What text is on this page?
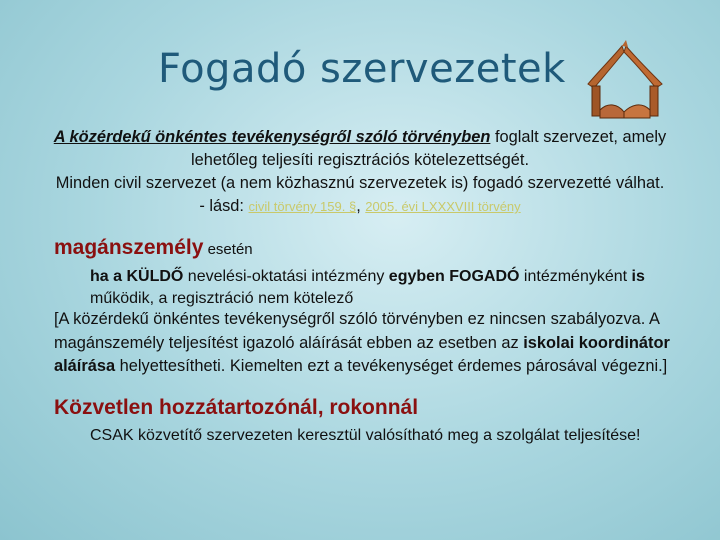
Fogadó szervezetek
A közérdekű önkéntes tevékenységről szóló törvényben foglalt szervezet, amely lehetőleg teljesíti regisztrációs kötelezettségét.
Minden civil szervezet (a nem közhasznú szervezetek is) fogadó szervezetté válhat.
- lásd: civil törvény 159. §, 2005. évi LXXXVIII törvény
magánszemély esetén
ha a KÜLDŐ nevelési-oktatási intézmény egyben FOGADÓ intézményként is működik, a regisztráció nem kötelező
[A közérdekű önkéntes tevékenységről szóló törvényben ez nincsen szabályozva. A magánszemély teljesítést igazoló aláírását ebben az esetben az iskolai koordinátor aláírása helyettesítheti. Kiemelten ezt a tevékenységet érdemes párosával végezni.]
Közvetlen hozzátartozónál, rokonnál
CSAK közvetítő szervezeten keresztül valósítható meg a szolgálat teljesítése!
